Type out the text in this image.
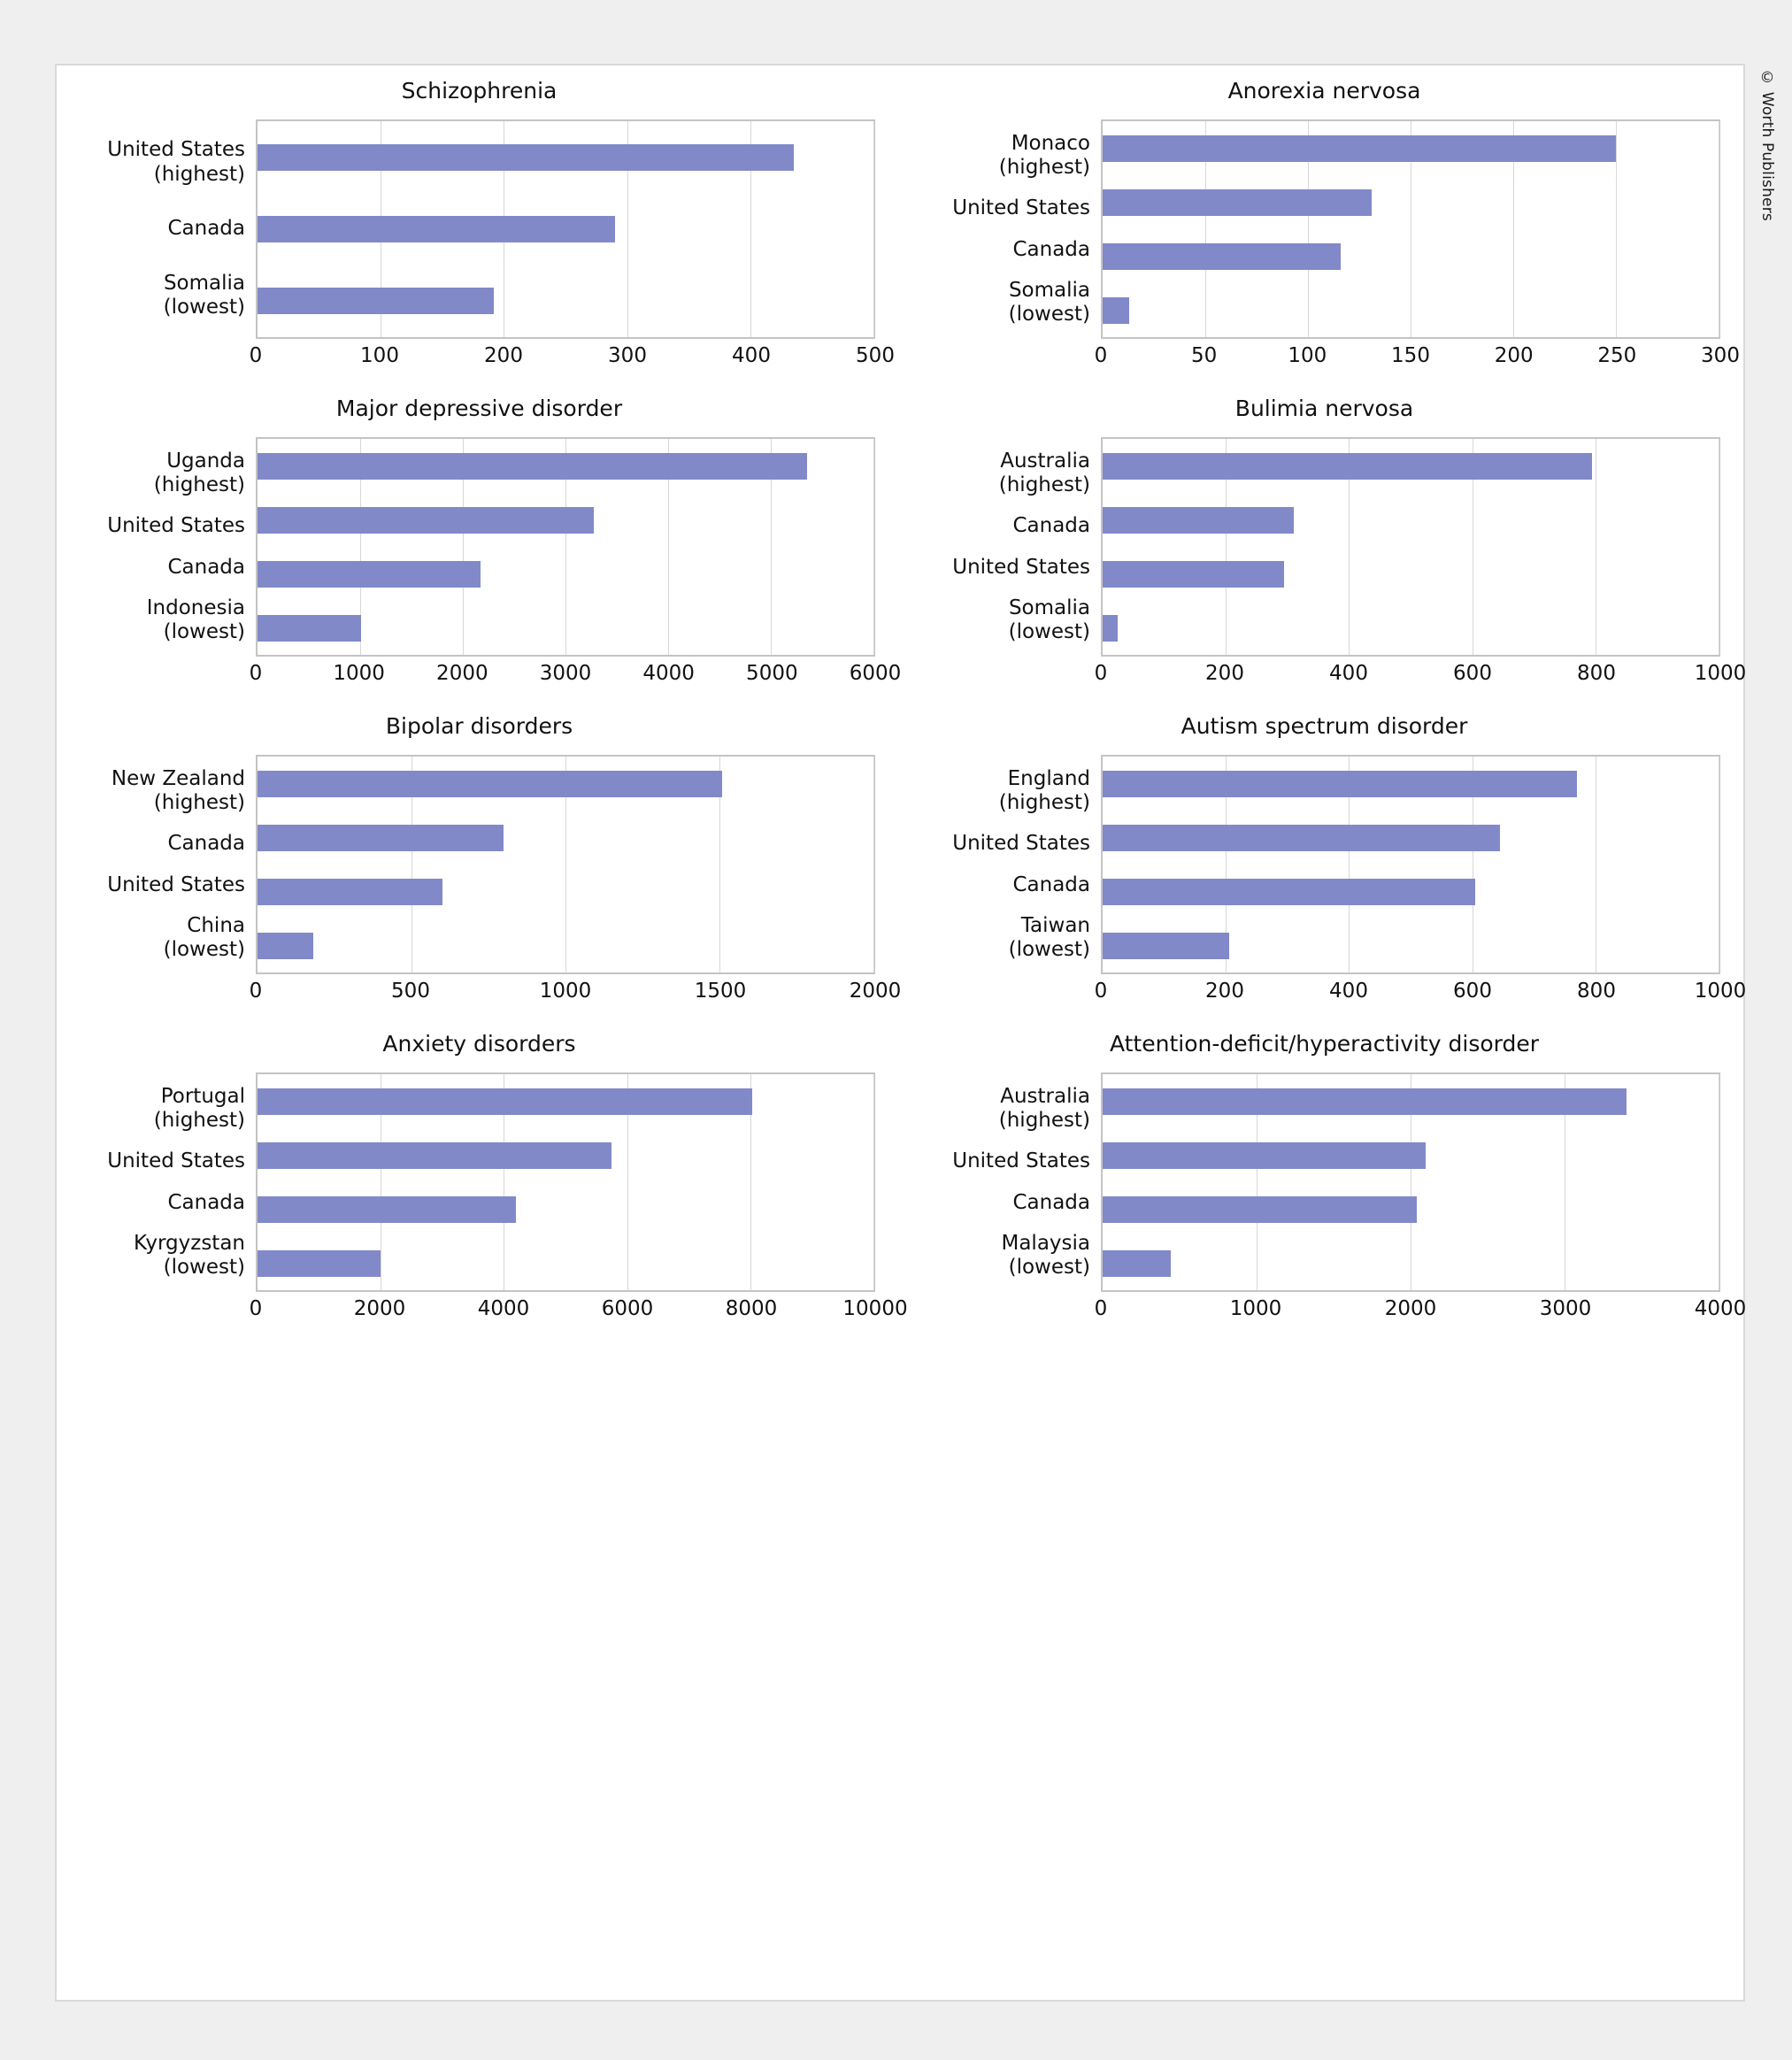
Schizophrenia
United States
(highest)
Canada
Somalia
(lowest)
0	100	200	300	400	500
Anorexia nervosa
Monaco
(highest)
United States
Canada
Somalia
(lowest)
0	50	100	150	200	250	300
Major depressive disorder
Uganda
(highest)
United States
Canada
Indonesia
(lowest)
0	1000	2000	3000	4000	5000	6000
Bulimia nervosa
Australia
(highest)
Canada
United States
Somalia
(lowest)
0	200	400	600	800	1000
Bipolar disorders
New Zealand
(highest)
Canada
United States
China
(lowest)
0	500	1000	1500	2000
Autism spectrum disorder
England
(highest)
United States
Canada
Taiwan
(lowest)
0	200	400	600	800	1000
Anxiety disorders
Portugal
(highest)
United States
Canada
Kyrgyzstan
(lowest)
0	2000	4000	6000	8000	10000
Attention-deficit/hyperactivity disorder
Australia
(highest)
United States
Canada
Malaysia
(lowest)
0	1000	2000	3000	4000
© Worth Publishers
